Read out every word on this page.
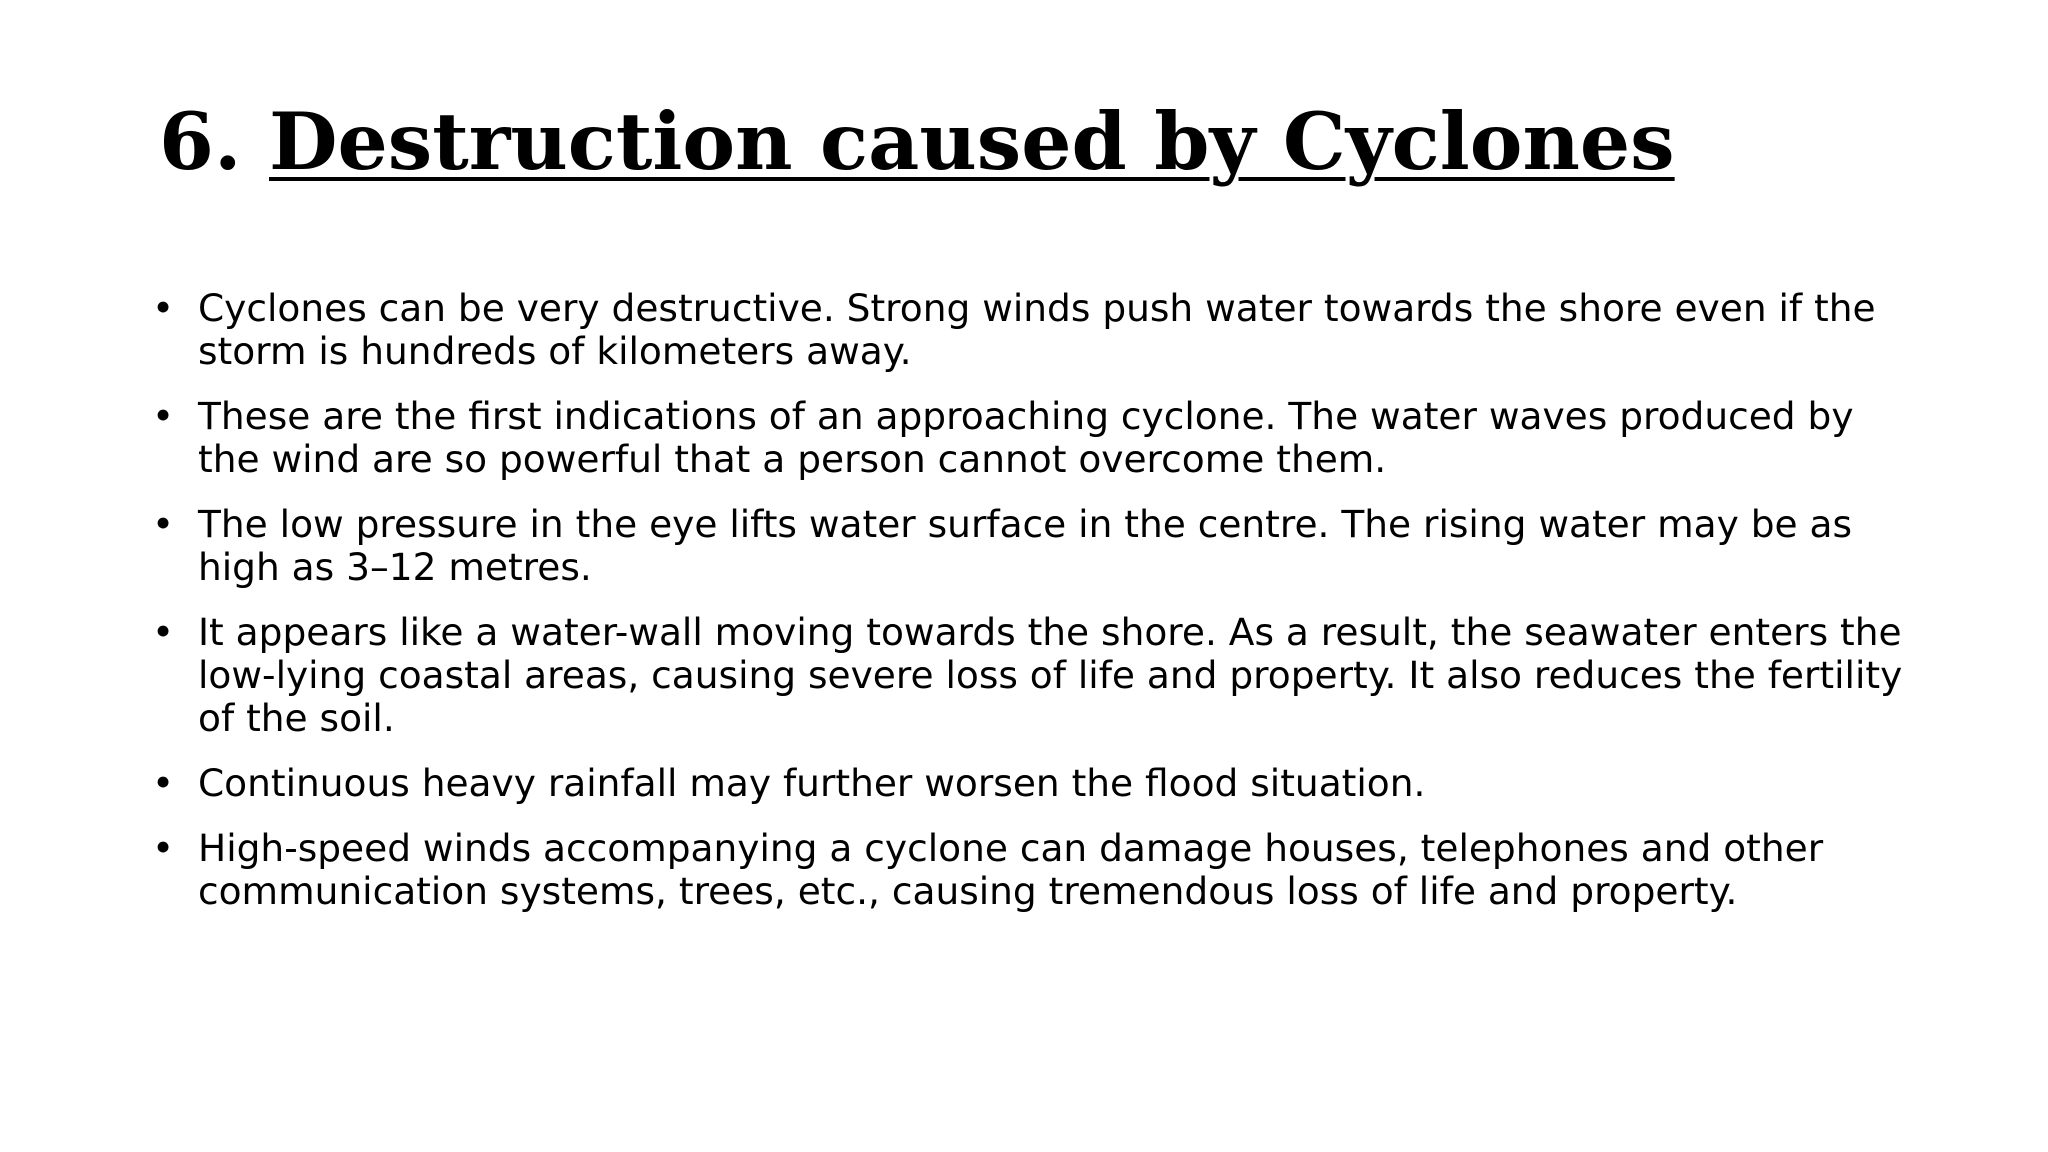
6. Destruction caused by Cyclones
• Cyclones can be very destructive. Strong winds push water towards the shore even if the storm is hundreds of kilometers away.
• These are the first indications of an approaching cyclone. The water waves produced by the wind are so powerful that a person cannot overcome them.
• The low pressure in the eye lifts water surface in the centre. The rising water may be as high as 3–12 metres.
• It appears like a water-wall moving towards the shore. As a result, the seawater enters the low-lying coastal areas, causing severe loss of life and property. It also reduces the fertility of the soil.
• Continuous heavy rainfall may further worsen the flood situation.
• High-speed winds accompanying a cyclone can damage houses, telephones and other communication systems, trees, etc., causing tremendous loss of life and property.
